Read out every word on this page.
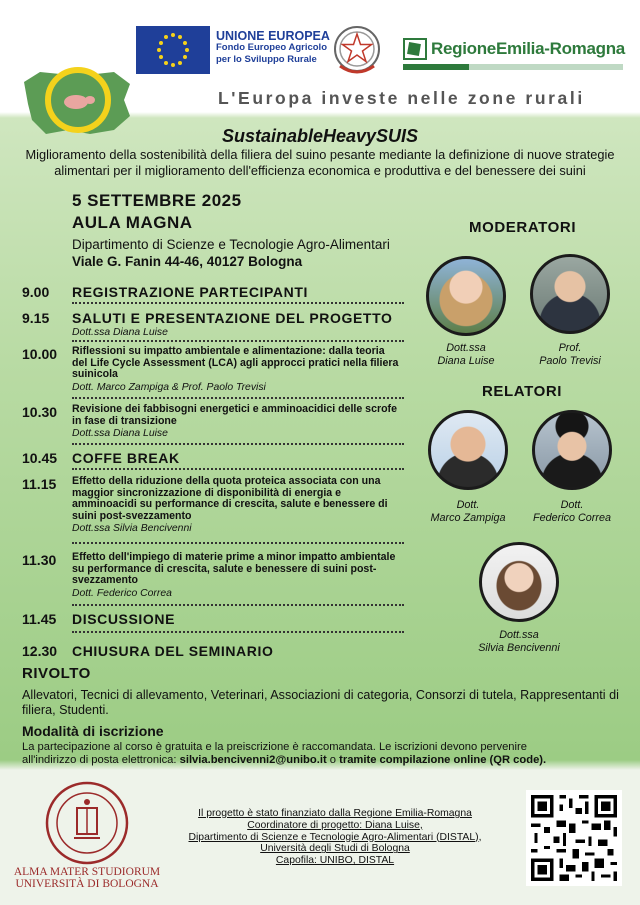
UNIONE EUROPEA
Fondo Europeo Agricolo
per lo Sviluppo Rurale
RegioneEmilia-Romagna
L'Europa investe nelle zone rurali
SustainableHeavySUIS
Miglioramento della sostenibilità della filiera del suino pesante mediante la definizione di nuove strategie alimentari per il miglioramento dell'efficienza economica e produttiva e del benessere dei suini
5 SETTEMBRE 2025
AULA MAGNA
Dipartimento di Scienze e Tecnologie Agro-Alimentari
Viale G. Fanin 44-46, 40127 Bologna
9.00 REGISTRAZIONE PARTECIPANTI
9.15 SALUTI E PRESENTAZIONE DEL PROGETTO
Dott.ssa Diana Luise
10.00 Riflessioni su impatto ambientale e alimentazione: dalla teoria del Life Cycle Assessment (LCA) agli approcci pratici nella filiera suinicola
Dott. Marco Zampiga & Prof. Paolo Trevisi
10.30 Revisione dei fabbisogni energetici e amminoacidici delle scrofe in fase di transizione
Dott.ssa Diana Luise
10.45 COFFE BREAK
11.15 Effetto della riduzione della quota proteica associata con una maggior sincronizzazione di disponibilità di energia e amminoacidi su performance di crescita, salute e benessere di suini post-svezzamento
Dott.ssa Silvia Bencivenni
11.30 Effetto dell'impiego di materie prime a minor impatto ambientale su performance di crescita, salute e benessere di suini post-svezzamento
Dott. Federico Correa
11.45 DISCUSSIONE
12.30 CHIUSURA DEL SEMINARIO
MODERATORI
Dott.ssa
Diana Luise
Prof.
Paolo Trevisi
RELATORI
Dott.
Marco Zampiga
Dott.
Federico Correa
Dott.ssa
Silvia Bencivenni
RIVOLTO
Allevatori, Tecnici di allevamento, Veterinari, Associazioni di categoria, Consorzi di tutela, Rappresentanti di filiera, Studenti.
Modalità di iscrizione
La partecipazione al corso è gratuita e la preiscrizione è raccomandata. Le iscrizioni devono pervenire
all'indirizzo di posta elettronica: silvia.bencivenni2@unibo.it o tramite compilazione online (QR code).
ALMA MATER STUDIORUM
UNIVERSITÀ DI BOLOGNA
Il progetto è stato finanziato dalla Regione Emilia-Romagna
Coordinatore di progetto: Diana Luise,
Dipartimento di Scienze e Tecnologie Agro-Alimentari (DISTAL),
Università degli Studi di Bologna
Capofila: UNIBO, DISTAL
